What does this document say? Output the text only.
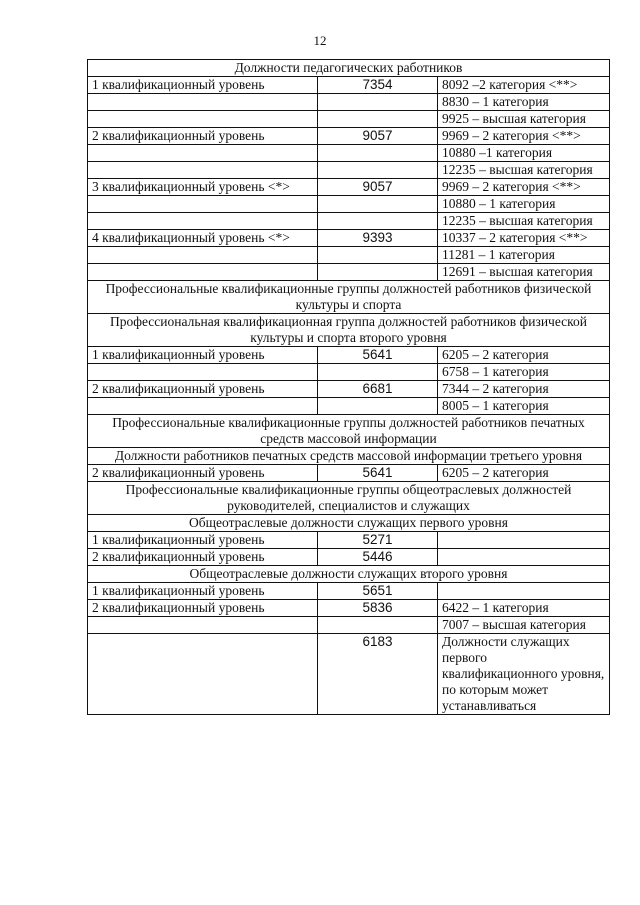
12
Должности педагогических работников		
1 квалификационный уровень	7354	8092 –2 категория <**>
		8830 – 1 категория
		9925 – высшая категория
2 квалификационный уровень	9057	9969 – 2 категория <**>
		10880 –1 категория
		12235 – высшая категория
3 квалификационный уровень <*>	9057	9969 – 2 категория <**>
		10880 – 1 категория
		12235 – высшая категория
4 квалификационный уровень <*>	9393	10337 – 2 категория <**>
		11281 – 1 категория
		12691 – высшая категория
Профессиональные квалификационные группы должностей работников физической культуры и спорта		
Профессиональная квалификационная группа должностей работников физической культуры и спорта второго уровня		
1 квалификационный уровень	5641	6205 – 2 категория
		6758 – 1 категория
2 квалификационный уровень	6681	7344 – 2 категория
		8005 – 1 категория
Профессиональные квалификационные группы должностей работников печатных средств массовой информации		
Должности работников печатных средств массовой информации третьего уровня		
2 квалификационный уровень	5641	6205 – 2 категория
Профессиональные квалификационные группы общеотраслевых должностей руководителей, специалистов и служащих		
Общеотраслевые должности служащих первого уровня		
1 квалификационный уровень	5271	
2 квалификационный уровень	5446	
Общеотраслевые должности служащих второго уровня		
1 квалификационный уровень	5651	
2 квалификационный уровень	5836	6422 – 1 категория
		7007 – высшая категория
	6183	Должности служащих первого квалификационного уровня, по которым может устанавливаться
